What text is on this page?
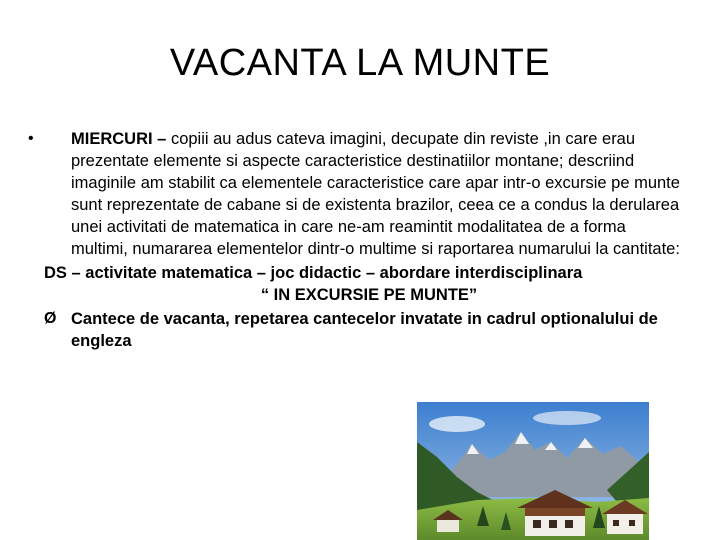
VACANTA LA MUNTE
• MIERCURI – copiii au adus cateva imagini, decupate din reviste ,in care erau prezentate elemente si aspecte caracteristice destinatiilor montane; descriind imaginile am stabilit ca elementele caracteristice care apar intr-o excursie pe munte sunt reprezentate de cabane si de existenta brazilor, ceea ce a condus la derularea unei activitati de matematica in care ne-am reamintit modalitatea de a forma multimi, numararea elementelor dintr-o multime si raportarea numarului la cantitate:
DS – activitate matematica – joc didactic – abordare interdisciplinara
“ IN EXCURSIE PE MUNTE”
Ø Cantece de vacanta, repetarea cantecelor invatate in cadrul optionalului de engleza
